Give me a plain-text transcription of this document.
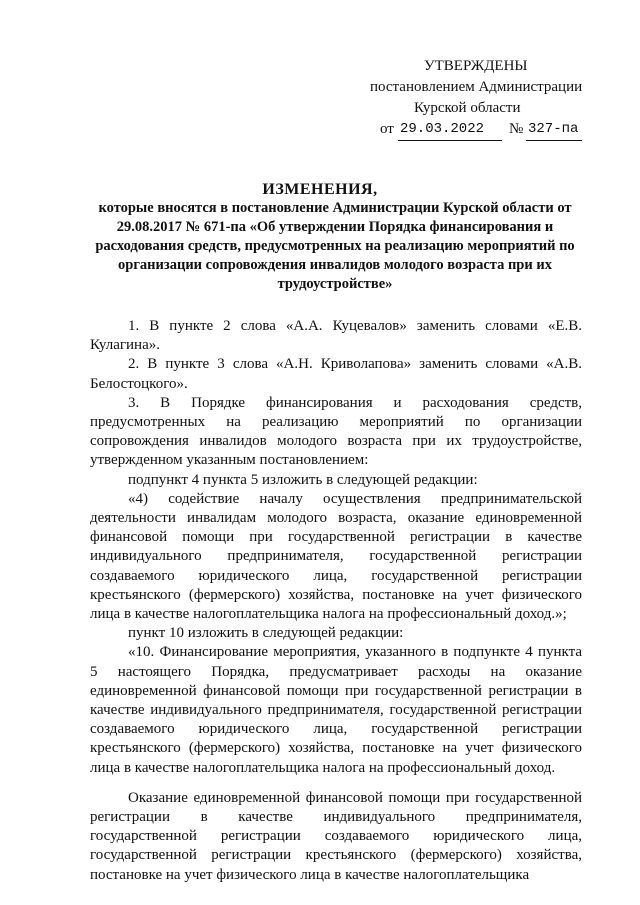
УТВЕРЖДЕНЫ
постановлением Администрации
Курской области
от 29.03.2022 № 327-па
ИЗМЕНЕНИЯ,
которые вносятся в постановление Администрации Курской области от 29.08.2017 № 671-па «Об утверждении Порядка финансирования и расходования средств, предусмотренных на реализацию мероприятий по организации сопровождения инвалидов молодого возраста при их трудоустройстве»

1. В пункте 2 слова «А.А. Куцевалов» заменить словами «Е.В. Кулагина».

2. В пункте 3 слова «А.Н. Криволапова» заменить словами «А.В. Белостоцкого».

3. В Порядке финансирования и расходования средств, предусмотренных на реализацию мероприятий по организации сопровождения инвалидов молодого возраста при их трудоустройстве, утвержденном указанным постановлением:

подпункт 4 пункта 5 изложить в следующей редакции:

«4) содействие началу осуществления предпринимательской деятельности инвалидам молодого возраста, оказание единовременной финансовой помощи при государственной регистрации в качестве индивидуального предпринимателя, государственной регистрации создаваемого юридического лица, государственной регистрации крестьянского (фермерского) хозяйства, постановке на учет физического лица в качестве налогоплательщика налога на профессиональный доход.»;

пункт 10 изложить в следующей редакции:

«10. Финансирование мероприятия, указанного в подпункте 4 пункта 5 настоящего Порядка, предусматривает расходы на оказание единовременной финансовой помощи при государственной регистрации в качестве индивидуального предпринимателя, государственной регистрации создаваемого юридического лица, государственной регистрации крестьянского (фермерского) хозяйства, постановке на учет физического лица в качестве налогоплательщика налога на профессиональный доход.

Оказание единовременной финансовой помощи при государственной регистрации в качестве индивидуального предпринимателя, государственной регистрации создаваемого юридического лица, государственной регистрации крестьянского (фермерского) хозяйства, постановке на учет физического лица в качестве налогоплательщика
